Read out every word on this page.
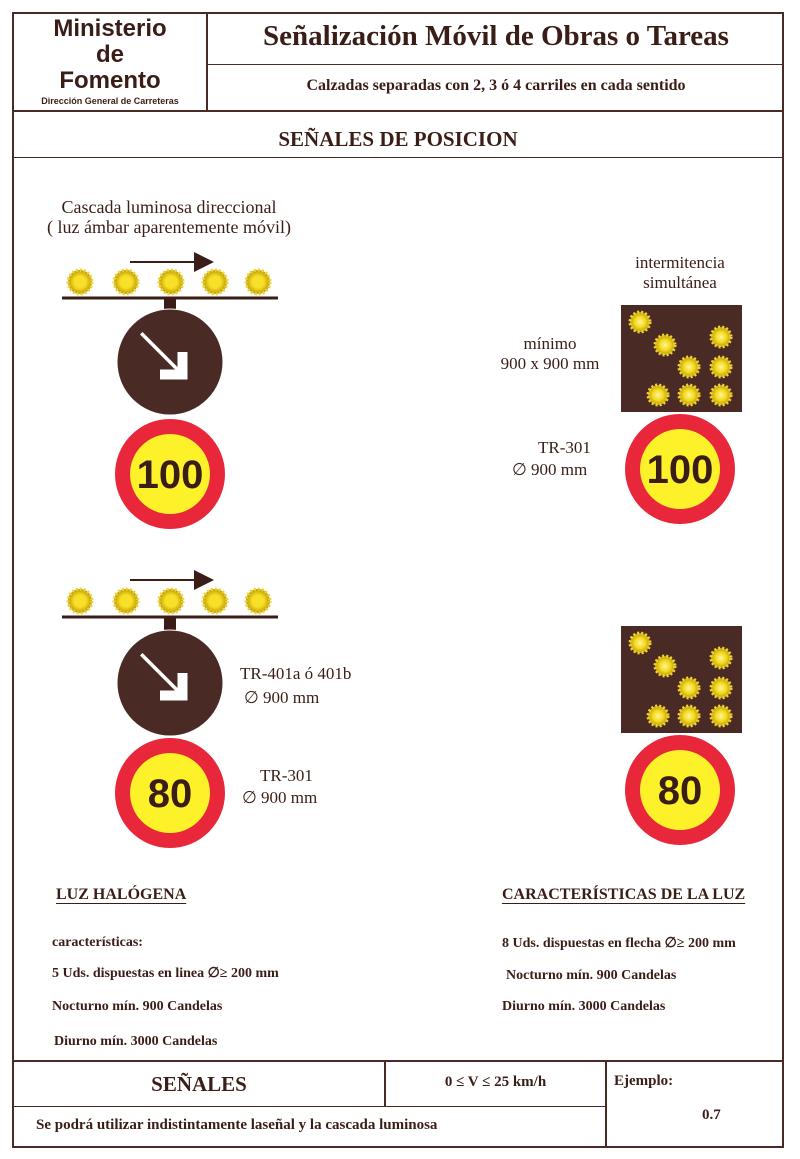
Ministerio
de
Fomento
Dirección General de Carreteras
Señalización Móvil de Obras o Tareas
Calzadas separadas con 2, 3 ó 4 carriles en cada sentido
SEÑALES DE POSICION
Cascada luminosa direccional
( luz ámbar aparentemente móvil)
intermitencia
simultánea
mínimo
900 x 900 mm
TR-301
∅ 900 mm
TR-401a ó 401b
∅ 900 mm
TR-301
∅ 900 mm
100
80
100
80
LUZ HALÓGENA
características:
5 Uds. dispuestas en linea ∅≥ 200 mm
Nocturno mín. 900 Candelas
Diurno mín. 3000 Candelas
CARACTERÍSTICAS DE LA LUZ
8 Uds. dispuestas en flecha ∅≥ 200 mm
Nocturno mín. 900 Candelas
Diurno mín. 3000 Candelas
SEÑALES	0 ≤ V ≤ 25 km/h	Ejemplo:
0.7
Se podrá utilizar indistintamente laseñal y la cascada luminosa
